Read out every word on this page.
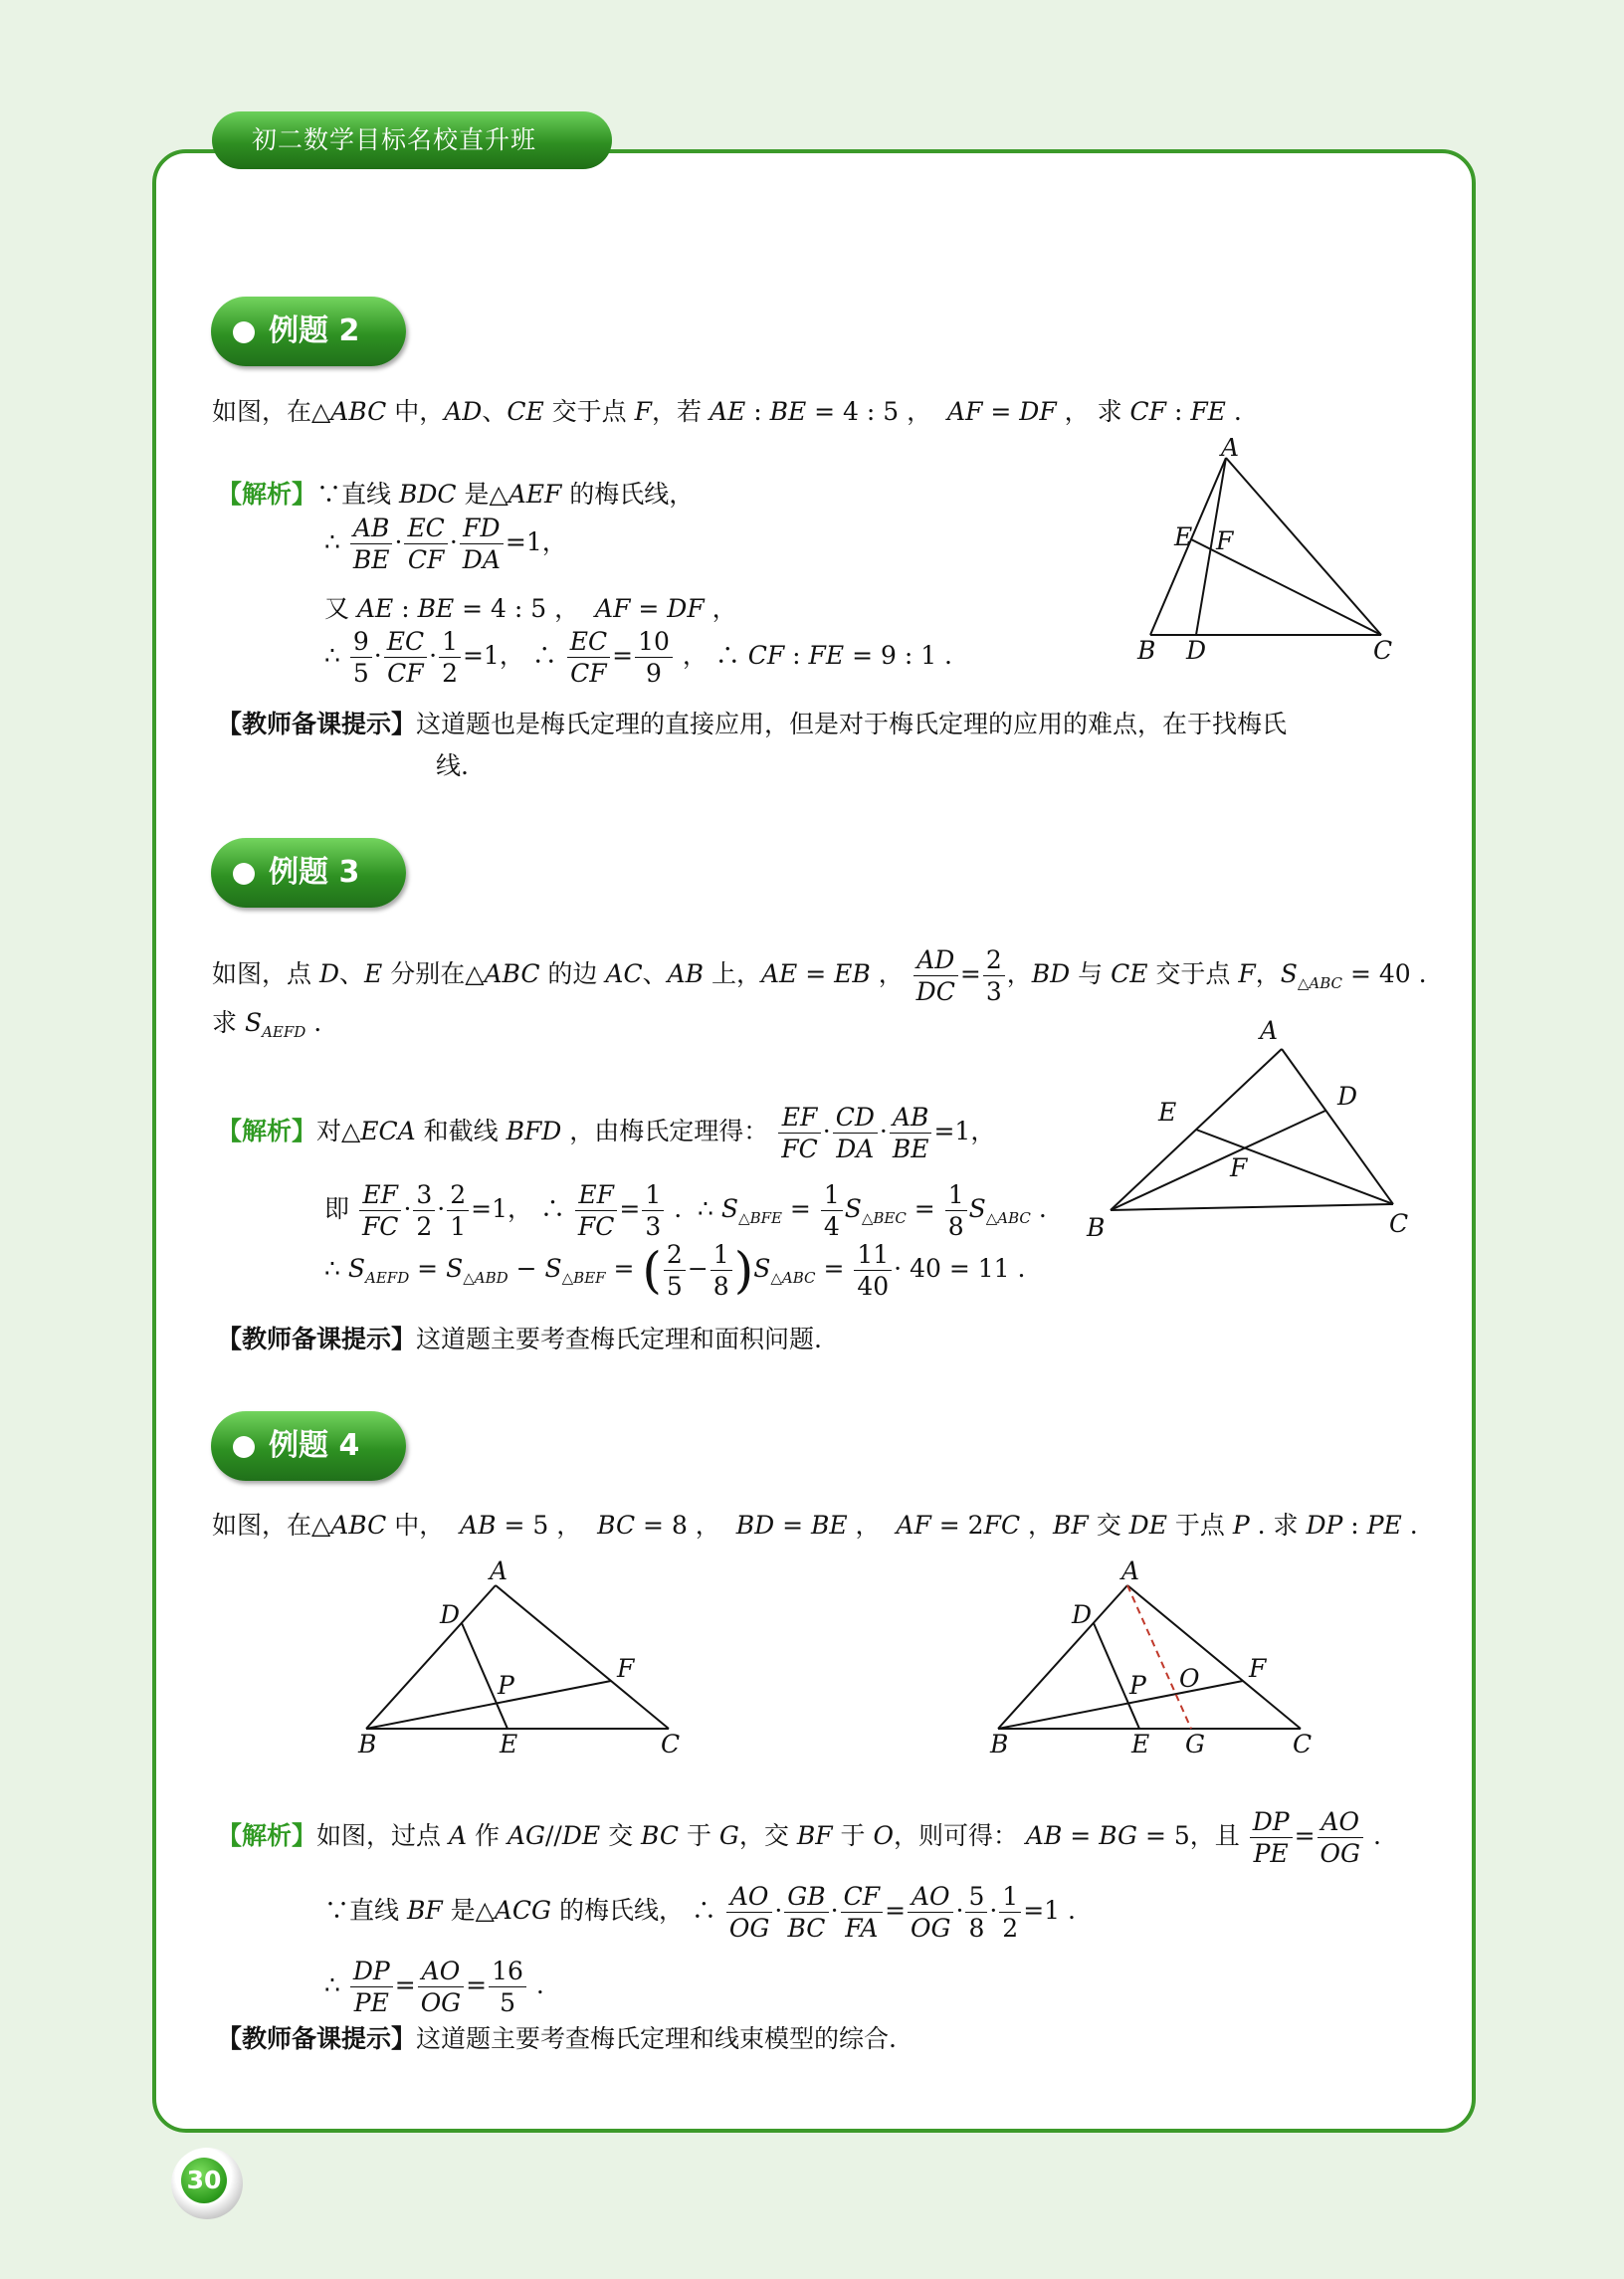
初二数学目标名校直升班
例题 2
如图，在△ABC 中，AD、CE 交于点 F，若 AE : BE = 4 : 5 ，  AF = DF ， 求 CF : FE .
【解析】∵直线 BDC 是△AEF 的梅氏线，
∴ $\frac{AB}{BE} \cdot \frac{EC}{CF} \cdot \frac{FD}{DA} =1$，
又 AE : BE = 4 : 5 ，  AF = DF ，
∴ $\frac{9}{5} \cdot \frac{EC}{CF} \cdot \frac{1}{2} =1$， ∴ $\frac{EC}{CF} = \frac{10}{9}$ ， ∴ CF : FE = 9 : 1 .
【教师备课提示】这道题也是梅氏定理的直接应用，但是对于梅氏定理的应用的难点，在于找梅氏
线.
A
E F
B D	C
例题 3
如图，点 D、E 分别在△ABC 的边 AC、AB 上，AE = EB ， $\frac{AD}{DC} = \frac{2}{3}$ ，BD 与 CE 交于点 F，$S_{\triangle ABC} = 40$ .
求 $S_{AEFD}$ .
【解析】对△ECA 和截线 BFD ，由梅氏定理得： $\frac{EF}{FC} \cdot \frac{CD}{DA} \cdot \frac{AB}{BE} =1$，
即 $\frac{EF}{FC} \cdot \frac{3}{2} \cdot \frac{2}{1} =1$， ∴ $\frac{EF}{FC} = \frac{1}{3}$ .  ∴ $S_{\triangle BFE} = \frac{1}{4} S_{\triangle BEC} = \frac{1}{8} S_{\triangle ABC}$ .
∴ $S_{AEFD} = S_{\triangle ABD} - S_{\triangle BEF}$ = ( $\frac{2}{5} - \frac{1}{8} )S_{\triangle ABC} = \frac{11}{40} \cdot 40 = 11$ .
【教师备课提示】这道题主要考查梅氏定理和面积问题.
A
D
E
F
B	C
例题 4
如图，在△ABC 中，  AB = 5 ，  BC = 8 ，  BD = BE ，  AF = 2FC ，BF 交 DE 于点 P . 求 DP : PE .
A
D
P
F
B	E	C
A
D
P O F
B	E G	C
【解析】如图，过点 A 作 AG//DE 交 BC 于 G，交 BF 于 O，则可得： AB = BG = 5，且 $\frac{DP}{PE} = \frac{AO}{OG}$ .
∵直线 BF 是△ACG 的梅氏线， ∴ $\frac{AO}{OG} \cdot \frac{GB}{BC} \cdot \frac{CF}{FA} = \frac{AO}{OG} \cdot \frac{5}{8} \cdot \frac{1}{2} =1$ .
∴ $\frac{DP}{PE} = \frac{AO}{OG} = \frac{16}{5}$ .
【教师备课提示】这道题主要考查梅氏定理和线束模型的综合.
30
